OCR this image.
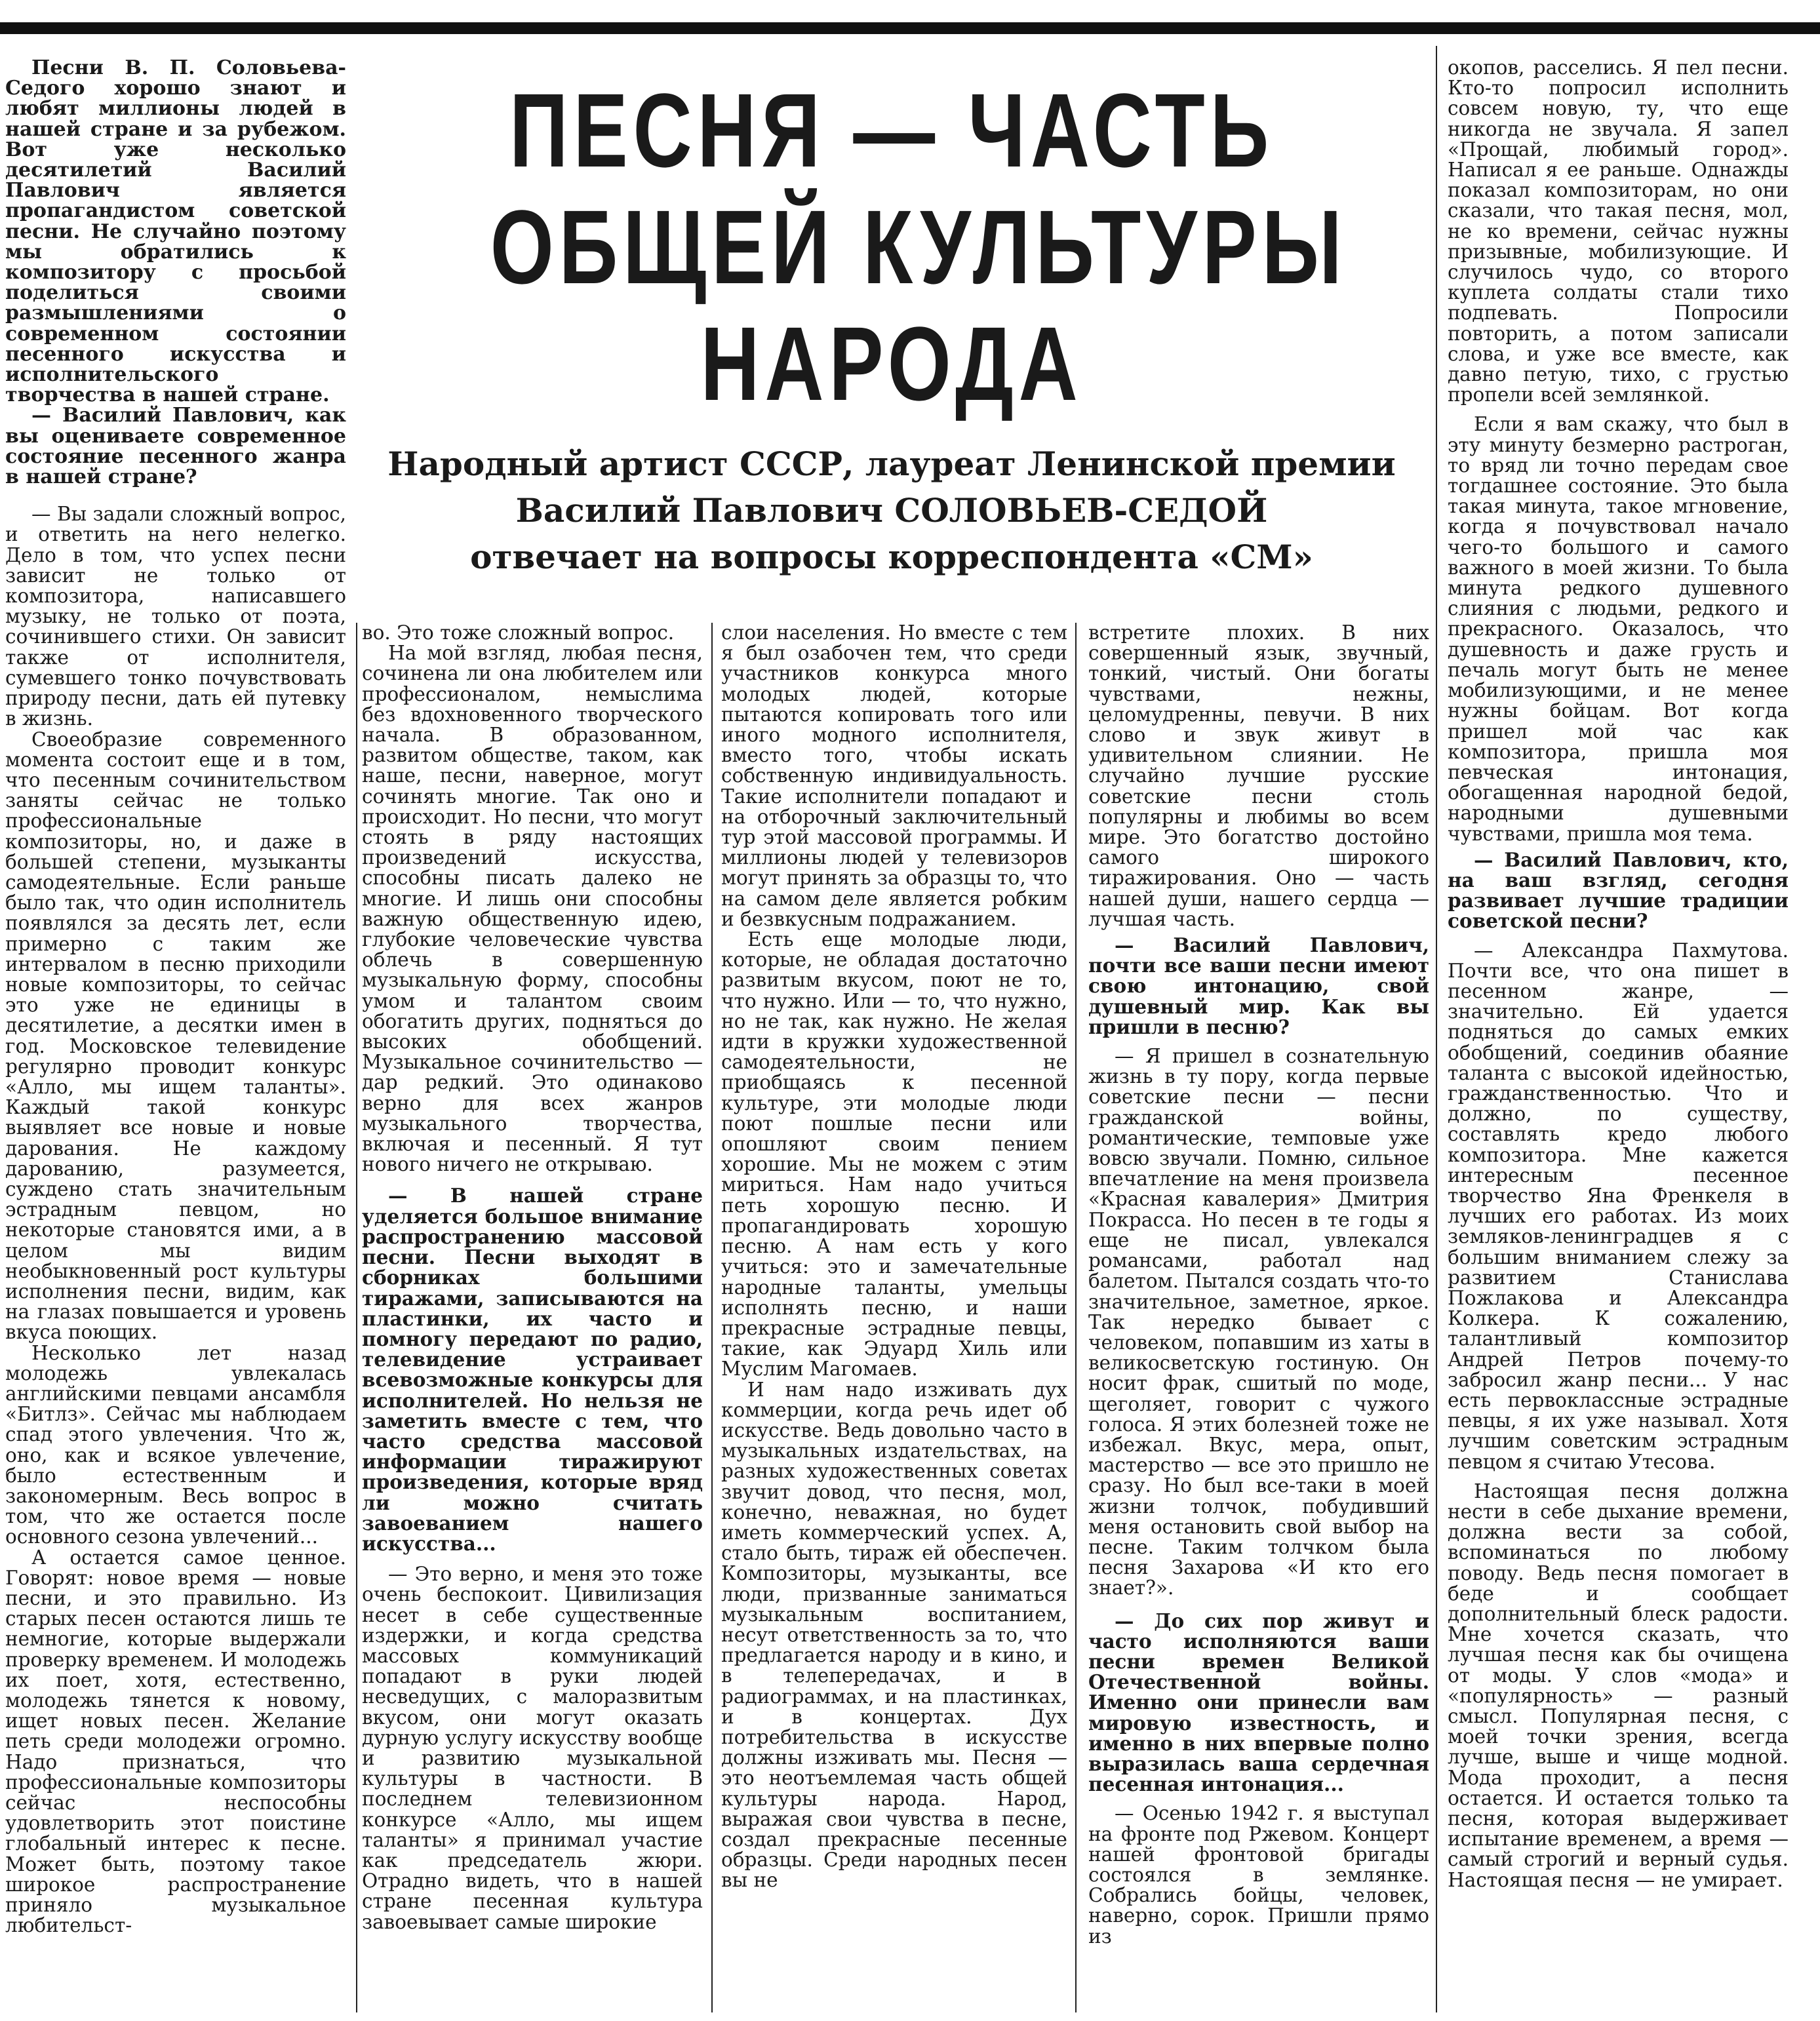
ПЕСНЯ — ЧАСТЬ
ОБЩЕЙ КУЛЬТУРЫ
НАРОДА
Народный артист СССР, лауреат Ленинской премии
Василий Павлович СОЛОВЬЕВ-СЕДОЙ
отвечает на вопросы корреспондента «СМ»

Песни В. П. Соловьева-Седого хорошо знают и любят миллионы людей в нашей стране и за рубежом. Вот уже несколько десятилетий Василий Павлович является пропагандистом советской песни. Не случайно поэтому мы обратились к композитору с просьбой поделиться своими размышлениями о современном состоянии песенного искусства и исполнительского творчества в нашей стране.

— Василий Павлович, как вы оцениваете современное состояние песенного жанра в нашей стране?

— Вы задали сложный вопрос, и ответить на него нелегко. Дело в том, что успех песни зависит не только от композитора, написавшего музыку, не только от поэта, сочинившего стихи. Он зависит также от исполнителя, сумевшего тонко почувствовать природу песни, дать ей путевку в жизнь.

Своеобразие современного момента состоит еще и в том, что песенным сочинительством заняты сейчас не только профессиональные композиторы, но, и даже в большей степени, музыканты самодеятельные. Если раньше было так, что один исполнитель появлялся за десять лет, если примерно с таким же интервалом в песню приходили новые композиторы, то сейчас это уже не единицы в десятилетие, а десятки имен в год. Московское телевидение регулярно проводит конкурс «Алло, мы ищем таланты». Каждый такой конкурс выявляет все новые и новые дарования. Не каждому дарованию, разумеется, суждено стать значительным эстрадным певцом, но некоторые становятся ими, а в целом мы видим необыкновенный рост культуры исполнения песни, видим, как на глазах повышается и уровень вкуса поющих.

Несколько лет назад молодежь увлекалась английскими певцами ансамбля «Битлз». Сейчас мы наблюдаем спад этого увлечения. Что ж, оно, как и всякое увлечение, было естественным и закономерным. Весь вопрос в том, что же остается после основного сезона увлечений...

А остается самое ценное. Говорят: новое время — новые песни, и это правильно. Из старых песен остаются лишь те немногие, которые выдержали проверку временем. И молодежь их поет, хотя, естественно, молодежь тянется к новому, ищет новых песен. Желание петь среди молодежи огромно. Надо признаться, что профессиональные композиторы сейчас неспособны удовлетворить этот поистине глобальный интерес к песне. Может быть, поэтому такое широкое распространение приняло музыкальное любительст-

во. Это тоже сложный вопрос.

На мой взгляд, любая песня, сочинена ли она любителем или профессионалом, немыслима без вдохновенного творческого начала. В образованном, развитом обществе, таком, как наше, песни, наверное, могут сочинять многие. Так оно и происходит. Но песни, что могут стоять в ряду настоящих произведений искусства, способны писать далеко не многие. И лишь они способны важную общественную идею, глубокие человеческие чувства облечь в совершенную музыкальную форму, способны умом и талантом своим обогатить других, подняться до высоких обобщений. Музыкальное сочинительство — дар редкий. Это одинаково верно для всех жанров музыкального творчества, включая и песенный. Я тут нового ничего не открываю.

— В нашей стране уделяется большое внимание распространению массовой песни. Песни выходят в сборниках большими тиражами, записываются на пластинки, их часто и помногу передают по радио, телевидение устраивает всевозможные конкурсы для исполнителей. Но нельзя не заметить вместе с тем, что часто средства массовой информации тиражируют произведения, которые вряд ли можно считать завоеванием нашего искусства...

— Это верно, и меня это тоже очень беспокоит. Цивилизация несет в себе существенные издержки, и когда средства массовых коммуникаций попадают в руки людей несведущих, с малоразвитым вкусом, они могут оказать дурную услугу искусству вообще и развитию музыкальной культуры в частности. В последнем телевизионном конкурсе «Алло, мы ищем таланты» я принимал участие как председатель жюри. Отрадно видеть, что в нашей стране песенная культура завоевывает самые широкие

слои населения. Но вместе с тем я был озабочен тем, что среди участников конкурса много молодых людей, которые пытаются копировать того или иного модного исполнителя, вместо того, чтобы искать собственную индивидуальность. Такие исполнители попадают и на отборочный заключительный тур этой массовой программы. И миллионы людей у телевизоров могут принять за образцы то, что на самом деле является робким и безвкусным подражанием.

Есть еще молодые люди, которые, не обладая достаточно развитым вкусом, поют не то, что нужно. Или — то, что нужно, но не так, как нужно. Не желая идти в кружки художественной самодеятельности, не приобщаясь к песенной культуре, эти молодые люди поют пошлые песни или опошляют своим пением хорошие. Мы не можем с этим мириться. Нам надо учиться петь хорошую песню. И пропагандировать хорошую песню. А нам есть у кого учиться: это и замечательные народные таланты, умельцы исполнять песню, и наши прекрасные эстрадные певцы, такие, как Эдуард Хиль или Муслим Магомаев.

И нам надо изживать дух коммерции, когда речь идет об искусстве. Ведь довольно часто в музыкальных издательствах, на разных художественных советах звучит довод, что песня, мол, конечно, неважная, но будет иметь коммерческий успех. А, стало быть, тираж ей обеспечен. Композиторы, музыканты, все люди, призванные заниматься музыкальным воспитанием, несут ответственность за то, что предлагается народу и в кино, и в телепередачах, и в радиограммах, и на пластинках, и в концертах. Дух потребительства в искусстве должны изживать мы. Песня — это неотъемлемая часть общей культуры народа. Народ, выражая свои чувства в песне, создал прекрасные песенные образцы. Среди народных песен вы не

встретите плохих. В них совершенный язык, звучный, тонкий, чистый. Они богаты чувствами, нежны, целомудренны, певучи. В них слово и звук живут в удивительном слиянии. Не случайно лучшие русские советские песни столь популярны и любимы во всем мире. Это богатство достойно самого широкого тиражирования. Оно — часть нашей души, нашего сердца — лучшая часть.

— Василий Павлович, почти все ваши песни имеют свою интонацию, свой душевный мир. Как вы пришли в песню?

— Я пришел в сознательную жизнь в ту пору, когда первые советские песни — песни гражданской войны, романтические, темповые уже вовсю звучали. Помню, сильное впечатление на меня произвела «Красная кавалерия» Дмитрия Покрасса. Но песен в те годы я еще не писал, увлекался романсами, работал над балетом. Пытался создать что-то значительное, заметное, яркое. Так нередко бывает с человеком, попавшим из хаты в великосветскую гостиную. Он носит фрак, сшитый по моде, щеголяет, говорит с чужого голоса. Я этих болезней тоже не избежал. Вкус, мера, опыт, мастерство — все это пришло не сразу. Но был все-таки в моей жизни толчок, побудивший меня остановить свой выбор на песне. Таким толчком была песня Захарова «И кто его знает?».

— До сих пор живут и часто исполняются ваши песни времен Великой Отечественной войны. Именно они принесли вам мировую известность, и именно в них впервые полно выразилась ваша сердечная песенная интонация...

— Осенью 1942 г. я выступал на фронте под Ржевом. Концерт нашей фронтовой бригады состоялся в землянке. Собрались бойцы, человек, наверно, сорок. Пришли прямо из

окопов, расселись. Я пел песни. Кто-то попросил исполнить совсем новую, ту, что еще никогда не звучала. Я запел «Прощай, любимый город». Написал я ее раньше. Однажды показал композиторам, но они сказали, что такая песня, мол, не ко времени, сейчас нужны призывные, мобилизующие. И случилось чудо, со второго куплета солдаты стали тихо подпевать. Попросили повторить, а потом записали слова, и уже все вместе, как давно петую, тихо, с грустью пропели всей землянкой.

Если я вам скажу, что был в эту минуту безмерно растроган, то вряд ли точно передам свое тогдашнее состояние. Это была такая минута, такое мгновение, когда я почувствовал начало чего-то большого и самого важного в моей жизни. То была минута редкого душевного слияния с людьми, редкого и прекрасного. Оказалось, что душевность и даже грусть и печаль могут быть не менее мобилизующими, и не менее нужны бойцам. Вот когда пришел мой час как композитора, пришла моя певческая интонация, обогащенная народной бедой, народными душевными чувствами, пришла моя тема.

— Василий Павлович, кто, на ваш взгляд, сегодня развивает лучшие традиции советской песни?

— Александра Пахмутова. Почти все, что она пишет в песенном жанре, — значительно. Ей удается подняться до самых емких обобщений, соединив обаяние таланта с высокой идейностью, гражданственностью. Что и должно, по существу, составлять кредо любого композитора. Мне кажется интересным песенное творчество Яна Френкеля в лучших его работах. Из моих земляков-ленинградцев я с большим вниманием слежу за развитием Станислава Пожлакова и Александра Колкера. К сожалению, талантливый композитор Андрей Петров почему-то забросил жанр песни... У нас есть первоклассные эстрадные певцы, я их уже называл. Хотя лучшим советским эстрадным певцом я считаю Утесова.

Настоящая песня должна нести в себе дыхание времени, должна вести за собой, вспоминаться по любому поводу. Ведь песня помогает в беде и сообщает дополнительный блеск радости. Мне хочется сказать, что лучшая песня как бы очищена от моды. У слов «мода» и «популярность» — разный смысл. Популярная песня, с моей точки зрения, всегда лучше, выше и чище модной. Мода проходит, а песня остается. И остается только та песня, которая выдерживает испытание временем, а время — самый строгий и верный судья. Настоящая песня — не умирает.
